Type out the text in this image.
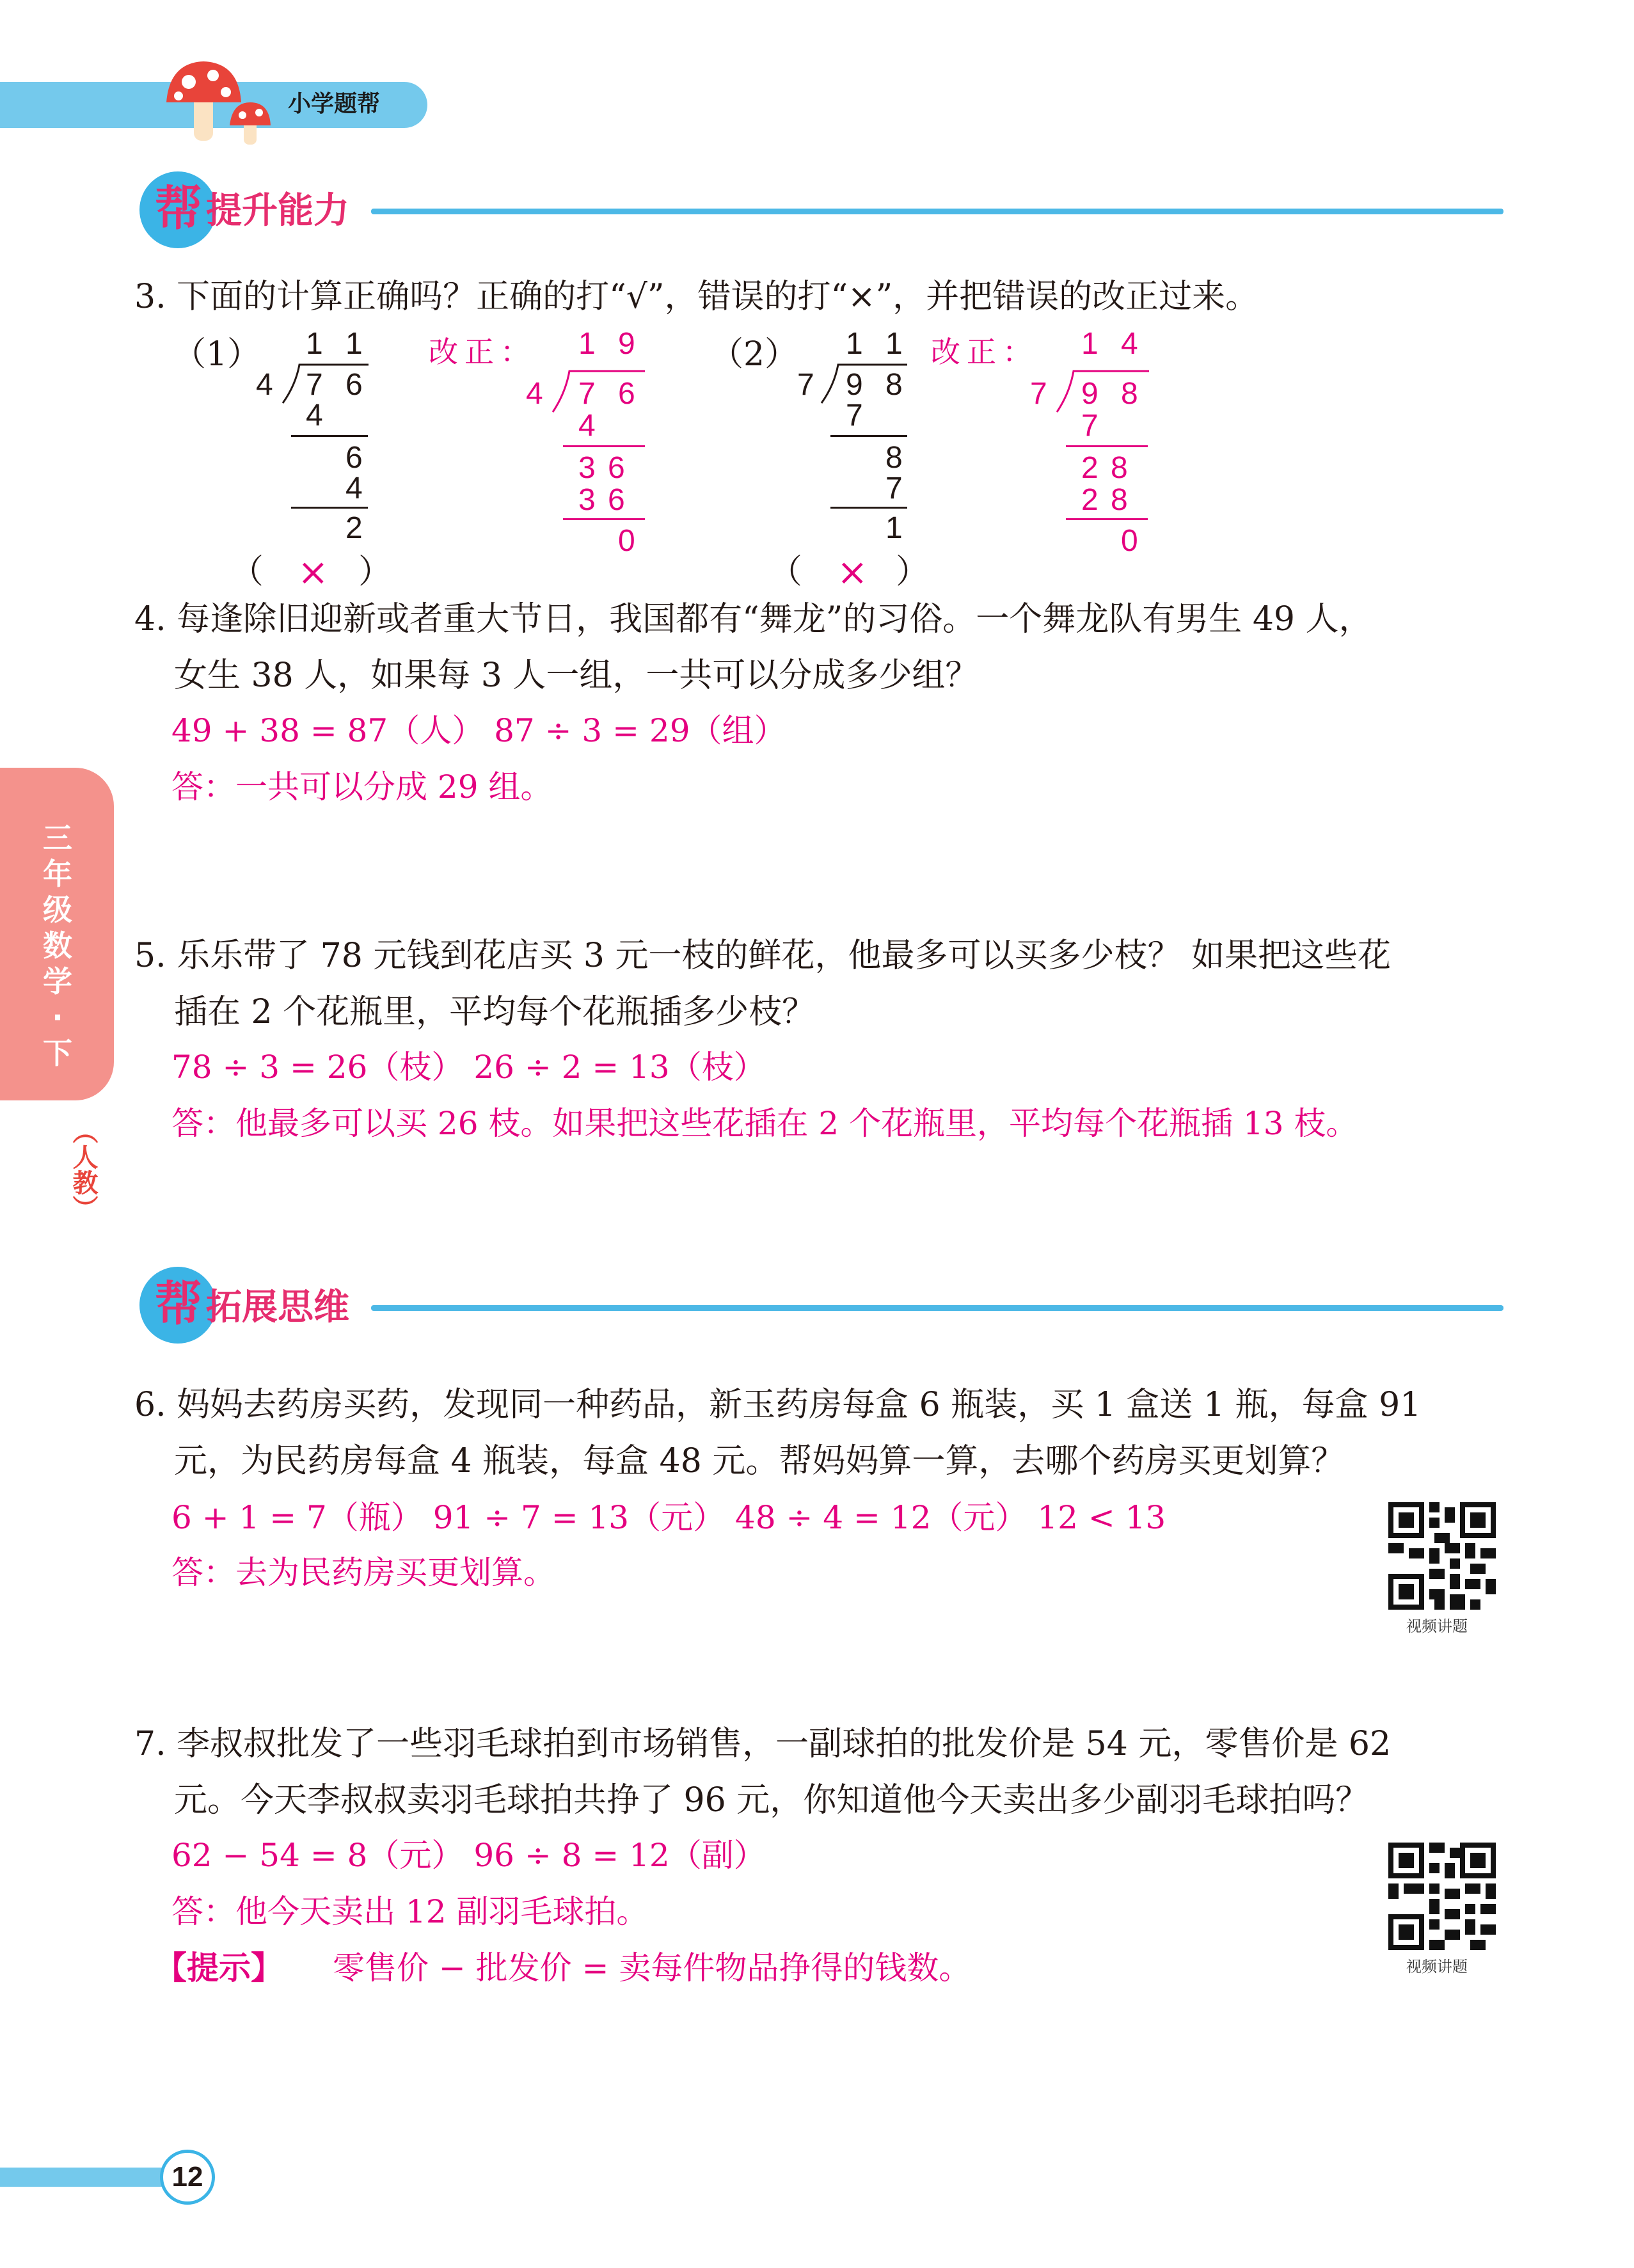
小学题帮
帮 提升能力
3. 下面的计算正确吗？正确的打“√”，错误的打“×”，并把错误的改正过来。
（1） 1 1
4 7 6
4
6
4
2
（ × ）
改正： 1 9
4 7 6
4
3 6
3 6
0
（2） 1 1
7 9 8
7
8
7
1
（ × ）
改正： 1 4
7 9 8
7
2 8
2 8
0
4. 每逢除旧迎新或者重大节日，我国都有“舞龙”的习俗。一个舞龙队有男生 49 人，
女生 38 人，如果每 3 人一组，一共可以分成多少组？
49 + 38 = 87（人） 87 ÷ 3 = 29（组）
答：一共可以分成 29 组。
三
年
级
数
学
·
下
（人教）
5. 乐乐带了 78 元钱到花店买 3 元一枝的鲜花，他最多可以买多少枝？ 如果把这些花
插在 2 个花瓶里，平均每个花瓶插多少枝？
78 ÷ 3 = 26（枝） 26 ÷ 2 = 13（枝）
答：他最多可以买 26 枝。如果把这些花插在 2 个花瓶里，平均每个花瓶插 13 枝。
帮 拓展思维
6. 妈妈去药房买药，发现同一种药品，新玉药房每盒 6 瓶装，买 1 盒送 1 瓶，每盒 91
元，为民药房每盒 4 瓶装，每盒 48 元。帮妈妈算一算，去哪个药房买更划算？
6 + 1 = 7（瓶） 91 ÷ 7 = 13（元） 48 ÷ 4 = 12（元） 12 < 13
答：去为民药房买更划算。
视频讲题
7. 李叔叔批发了一些羽毛球拍到市场销售，一副球拍的批发价是 54 元，零售价是 62
元。今天李叔叔卖羽毛球拍共挣了 96 元，你知道他今天卖出多少副羽毛球拍吗？
62 − 54 = 8（元） 96 ÷ 8 = 12（副）
答：他今天卖出 12 副羽毛球拍。
【提示】 零售价 − 批发价 = 卖每件物品挣得的钱数。	视频讲题
12
